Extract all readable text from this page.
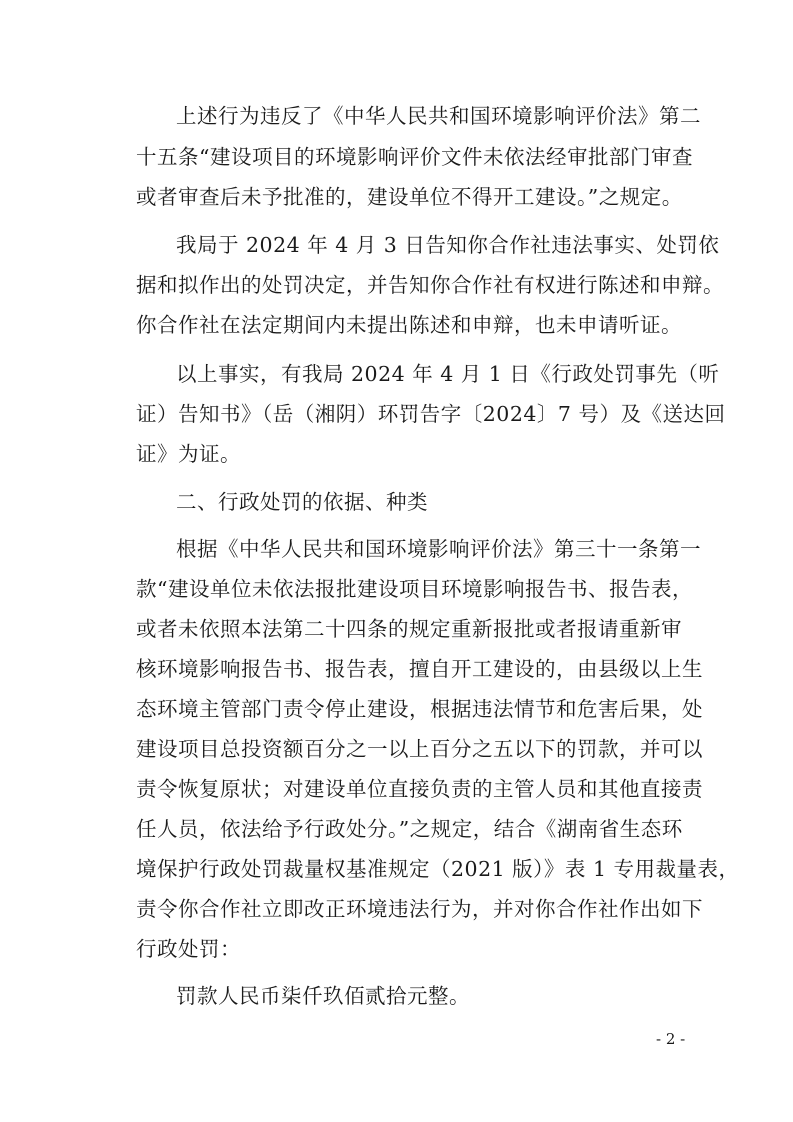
上述行为违反了《中华人民共和国环境影响评价法》第二
十五条“建设项目的环境影响评价文件未依法经审批部门审查
或者审查后未予批准的，建设单位不得开工建设。”之规定。
我局于 2024 年 4 月 3 日告知你合作社违法事实、处罚依
据和拟作出的处罚决定，并告知你合作社有权进行陈述和申辩。
你合作社在法定期间内未提出陈述和申辩，也未申请听证。
以上事实，有我局 2024 年 4 月 1 日《行政处罚事先（听
证）告知书》（岳（湘阴）环罚告字〔2024〕7 号）及《送达回
证》为证。
二、行政处罚的依据、种类
根据《中华人民共和国环境影响评价法》第三十一条第一
款“建设单位未依法报批建设项目环境影响报告书、报告表，
或者未依照本法第二十四条的规定重新报批或者报请重新审
核环境影响报告书、报告表，擅自开工建设的，由县级以上生
态环境主管部门责令停止建设，根据违法情节和危害后果，处
建设项目总投资额百分之一以上百分之五以下的罚款，并可以
责令恢复原状；对建设单位直接负责的主管人员和其他直接责
任人员，依法给予行政处分。”之规定，结合《湖南省生态环
境保护行政处罚裁量权基准规定（2021 版）》表 1 专用裁量表，
责令你合作社立即改正环境违法行为，并对你合作社作出如下
行政处罚：
罚款人民币柒仟玖佰贰拾元整。
- 2 -
